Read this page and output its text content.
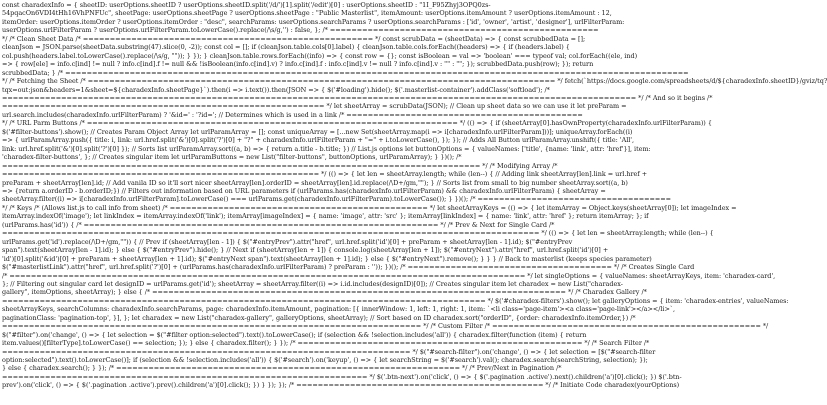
const charadexInfo = { sheetID: userOptions.sheetID ? userOptions.sheetID.split('/d/')[1].split('/edit')[0] : userOptions.sheetID : "1I_F95Zhyj3OPQ0zs-

54pqacOn6VDI4tHh16VhPNFUc", sheetPage: userOptions.sheetPage ? userOptions.sheetPage : "Public Masterlist", itemAmount: userOptions.itemAmount ? userOptions.itemAmount : 12,

itemOrder: userOptions.itemOrder ? userOptions.itemOrder : "desc", searchParams: userOptions.searchParams ? userOptions.searchParams : ['id', 'owner', 'artist', 'designer'], urlFilterParam:

userOptions.urlFilterParam ? userOptions.urlFilterParam.toLowerCase().replace(/\s/g,'') : false, }; /* ==================================================

*/ /* Clean Sheet Data /* ====================================================== */ const scrubData = (sheetData) => { const scrubbedData = [];

cleanJson = JSON.parse(sheetData.substring(47).slice(0, -2)); const col = []; if (cleanJson.table.cols[0].label) { cleanJson.table.cols.forEach((headers) => { if (headers.label) {

col.push(headers.label.toLowerCase().replace(/\s/g, "")); } }); } cleanJson.table.rows.forEach((info) => { const row = {}; const isBoolean = val => 'boolean' === typeof val; col.forEach((ele, ind)

=> { row[ele] = info.c[ind] != null ? info.c[ind].f != null && !isBoolean(info.c[ind].v) ? info.c[ind].f : info.c[ind].v != null ? info.c[ind].v : "" : ""; }); scrubbedData.push(row); }); return

scrubbedData; } /* ====================================================================================================================

*/ /* Fetching the Sheet /* ======================================================================================= */ fetch(`https://docs.google.com/spreadsheets/d/${charadexInfo.sheetID}/gviz/tq?

tqx=out:json&headers=1&sheet=${charadexInfo.sheetPage}`).then(i => i.text()).then(JSON => { $('#loading').hide(); $('.masterlist-container').addClass('softload'); /*

====================================================================================================================== */ /* And so it begins /*

============================================================ */ let sheetArray = scrubData(JSON); // Clean up sheet data so we can use it let preParam =

url.search.includes(charadexInfo.urlFilterParam) ? '&id=' : '?id='; // Determines which is used in a link /* ============================================

*/ /* URL Parm Buttons /* ===================================================================== */ (() => { if (sheetArray[0].hasOwnProperty(charadexInfo.urlFilterParam)) {

$('#filter-buttons').show(); // Creates Param Object Array let urlParamArray = []; const uniqueArray = [...new Set(sheetArray.map(i => i[charadexInfo.urlFilterParam]))]; uniqueArray.forEach((i)

=> { urlParamArray.push({ title: i, link: url.href.split('&')[0].split('?')[0] + "?" + charadexInfo.urlFilterParam + "=" + i.toLowerCase(), }); }); // Adds All Button urlParamArray.unshift({ title: 'All',

link: url.href.split('&')[0].split('?')[0] }); // Sorts list urlParamArray.sort((a, b) => { return a.title - b.title; }) // List.js options let buttonOptions = { valueNames: ['title', {name: 'link', attr: 'href'}], item:

'charadex-filter-buttons', }; // Creates singular item let urlParamButtons = new List("filter-buttons", buttonOptions, urlParamArray); } })(); /*

========================================================================================= */ /* Modifying Array /*

=========================================================== */ (() => { let len = sheetArray.length; while (len--) { // Adding link sheetArray[len].link = url.href +

preParam + sheetArray[len].id; // Add vanila ID so it'll sort nicer sheetArray[len].orderID = sheetArray[len].id.replace(/\D+/gm,""); } // Sorts list from small to big number sheetArray.sort((a, b)

=> {return a.orderID - b.orderID;}) // Filters out information based on URL parameters if (urlParams.has(charadexInfo.urlFilterParam) && charadexInfo.urlFilterParam) { sheetArray =

sheetArray.filter((i) => i[charadexInfo.urlFilterParam].toLowerCase() === urlParams.get(charadexInfo.urlFilterParam).toLowerCase()); } })(); /* ====================================

*/ /* Keys /* (Allows list.js to call info from sheet) /* ================================================ */ let sheetArrayKeys = (() => { let itemArray = Object.keys(sheetArray[0]); let imageIndex =

itemArray.indexOf('image'); let linkIndex = itemArray.indexOf('link'); itemArray[imageIndex] = { name: 'image', attr: 'src' }; itemArray[linkIndex] = { name: 'link', attr: 'href' }; return itemArray; }; if

(urlParams.has('id')) { /* ================================================================== */ /* Prev & Next for Single Card /*

==================================================================================================== */ (() => { let len = sheetArray.length; while (len--) {

urlParams.get('id').replace(/\D+/gm,"")) { // Prev if (sheetArray[len - 1]) { $("#entryPrev").attr("href", url.href.split('id')[0] + preParam + sheetArray[len - 1].id); $("#entryPrev

span").text(sheetArray[len - 1].id); } else { $("#entryPrev").hide(); } // Next if (sheetArray[len + 1]) { console.log(sheetArray[len + 1]); $("#entryNext").attr("href", url.href.split('id')[0] +

'id')[0].split('&id')[0] + preParam + sheetArray[len + 1].id); $("#entryNext span").text(sheetArray[len + 1].id); } else { $("#entryNext").remove(); } } } // Back to masterlist (keeps species parameter)

$("#masterlistLink").attr("href", url.href.split('?')[0] + (urlParams.has(charadexInfo.urlFilterParam) ? preParam : '')); })(); /* ====================================== */ /* Creates Single Card

/* ================================================================================================ */ let singleOptions = { valueNames: sheetArrayKeys, item: 'charadex-card',

}; // Filtering out singular card let designID = urlParams.get('id'); sheetArray = sheetArray.filter((i) => i.id.includes(designID)[0]); // Creates singular item let charadex = new List("charadex-

gallery", itemOptions, sheetArray); } else { /* ============================================================================= */ /* Charadex Gallery /*

========================================================================================== */ $('#charadex-filters').show(); let galleryOptions = { item: 'charadex-entries', valueNames:

sheetArrayKeys, searchColumns: charadexInfo.searchParams, page: charadexInfo.itemAmount, pagination: [{ innerWindow: 1, left: 1, right: 1, item: `<li class='page-item'><a class='page-link'></a></li>`,

paginationClass: 'pagination-top', }], }; let charadex = new List("charadex-gallery", galleryOptions, sheetArray); // Sort based on ID charadex.sort("orderID", {order: charadexInfo.itemOrder,}) /*

============================================================================== */ /* Custom Filter /* ================================================== */

$("#filter").on('change', () => { let selection = $("#filter option:selected").text().toLowerCase(); if (selection && !selection.includes('all')) { charadex.filter(function (item) { return

item.values()[filterType].toLowerCase() == selection; }); } else { charadex.filter(); } }); /* ===================================================== */ /* Search Filter /*

============================================================================ */ $("#search-filter").on('change', () => { let selection = [$("#search-filter

option:selected").text().toLowerCase()]; if (selection && !selection.includes('all')) { $('#search').on('keyup', () => { let searchString = $('#search').val(); charadex.search(searchString, selection); });

} else { charadex.search(); } }); /* ================================================================ */ /* Prev/Next in Pagination /*

==================================================================== */ $('.btn-next').on('click', () => { $('.pagination .active').next().children('a')[0].click(); }) $('.btn-

prev').on('click', () => { $('.pagination .active').prev().children('a')[0].click(); }) } }); }); /* ============================================== */ /* Initiate Code charadex(yourOptions)
